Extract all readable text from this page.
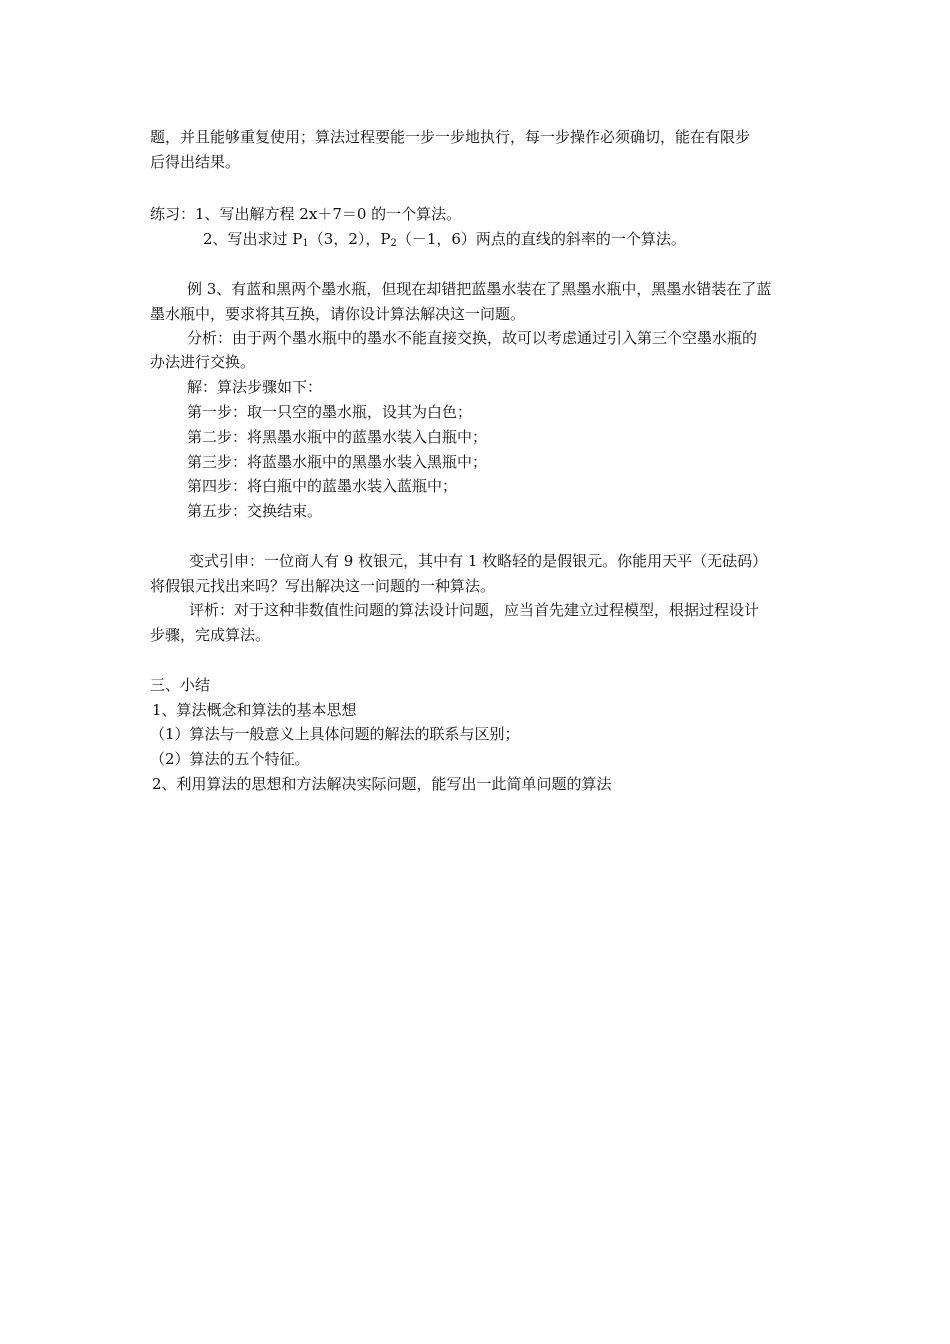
题，并且能够重复使用；算法过程要能一步一步地执行，每一步操作必须确切，能在有限步
后得出结果。
练习：1、写出解方程 2x＋7＝0 的一个算法。
2、写出求过 $P_1(3$，2），$P_2(-1$，6）两点的直线的斜率的一个算法。
例 3、有蓝和黑两个墨水瓶，但现在却错把蓝墨水装在了黑墨水瓶中，黑墨水错装在了蓝
墨水瓶中，要求将其互换，请你设计算法解决这一问题。
分析：由于两个墨水瓶中的墨水不能直接交换，故可以考虑通过引入第三个空墨水瓶的
办法进行交换。
解：算法步骤如下：
第一步：取一只空的墨水瓶，设其为白色；
第二步：将黑墨水瓶中的蓝墨水装入白瓶中；
第三步：将蓝墨水瓶中的黑墨水装入黑瓶中；
第四步：将白瓶中的蓝墨水装入蓝瓶中；
第五步：交换结束。
变式引申：一位商人有 9 枚银元，其中有 1 枚略轻的是假银元。你能用天平（无砝码）
将假银元找出来吗？写出解决这一问题的一种算法。
评析：对于这种非数值性问题的算法设计问题，应当首先建立过程模型，根据过程设计
步骤，完成算法。
三、小结
1、算法概念和算法的基本思想
（1）算法与一般意义上具体问题的解法的联系与区别；
（2）算法的五个特征。
2、利用算法的思想和方法解决实际问题，能写出一此简单问题的算法
